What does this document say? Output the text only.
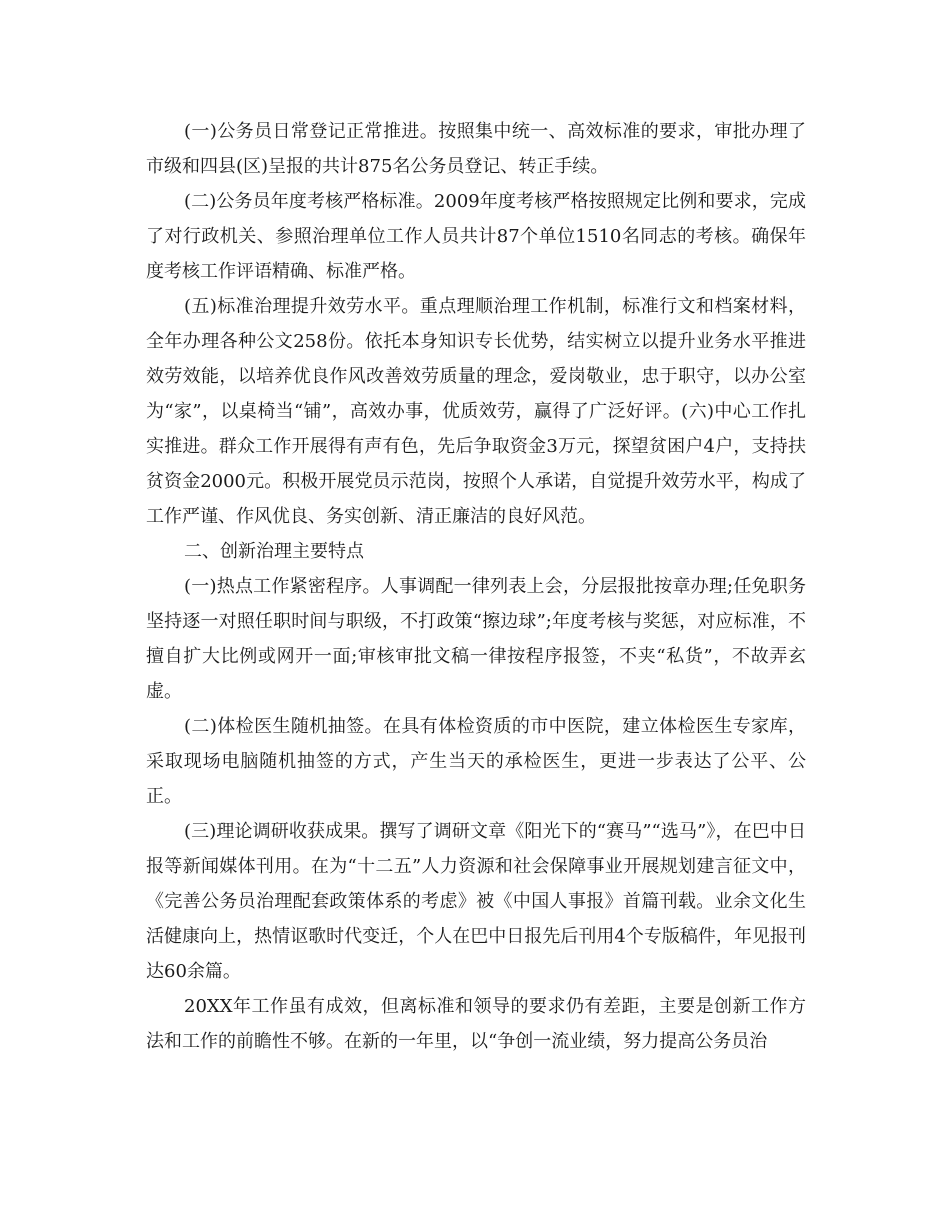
(一)公务员日常登记正常推进。按照集中统一、高效标准的要求，审批办理了市级和四县(区)呈报的共计875名公务员登记、转正手续。

(二)公务员年度考核严格标准。2009年度考核严格按照规定比例和要求，完成了对行政机关、参照治理单位工作人员共计87个单位1510名同志的考核。确保年度考核工作评语精确、标准严格。

(五)标准治理提升效劳水平。重点理顺治理工作机制，标准行文和档案材料，全年办理各种公文258份。依托本身知识专长优势，结实树立以提升业务水平推进效劳效能，以培养优良作风改善效劳质量的理念，爱岗敬业，忠于职守，以办公室为“家”，以桌椅当“铺”，高效办事，优质效劳，赢得了广泛好评。(六)中心工作扎实推进。群众工作开展得有声有色，先后争取资金3万元，探望贫困户4户，支持扶贫资金2000元。积极开展党员示范岗，按照个人承诺，自觉提升效劳水平，构成了工作严谨、作风优良、务实创新、清正廉洁的良好风范。

二、创新治理主要特点

(一)热点工作紧密程序。人事调配一律列表上会，分层报批按章办理;任免职务坚持逐一对照任职时间与职级，不打政策“擦边球”;年度考核与奖惩，对应标准，不擅自扩大比例或网开一面;审核审批文稿一律按程序报签，不夹“私货”，不故弄玄虚。

(二)体检医生随机抽签。在具有体检资质的市中医院，建立体检医生专家库，采取现场电脑随机抽签的方式，产生当天的承检医生，更进一步表达了公平、公正。

(三)理论调研收获成果。撰写了调研文章《阳光下的“赛马”“选马”》，在巴中日报等新闻媒体刊用。在为“十二五”人力资源和社会保障事业开展规划建言征文中，《完善公务员治理配套政策体系的考虑》被《中国人事报》首篇刊载。业余文化生活健康向上，热情讴歌时代变迁，个人在巴中日报先后刊用4个专版稿件，年见报刊达60余篇。

20XX年工作虽有成效，但离标准和领导的要求仍有差距，主要是创新工作方法和工作的前瞻性不够。在新的一年里，以“争创一流业绩，努力提高公务员治
